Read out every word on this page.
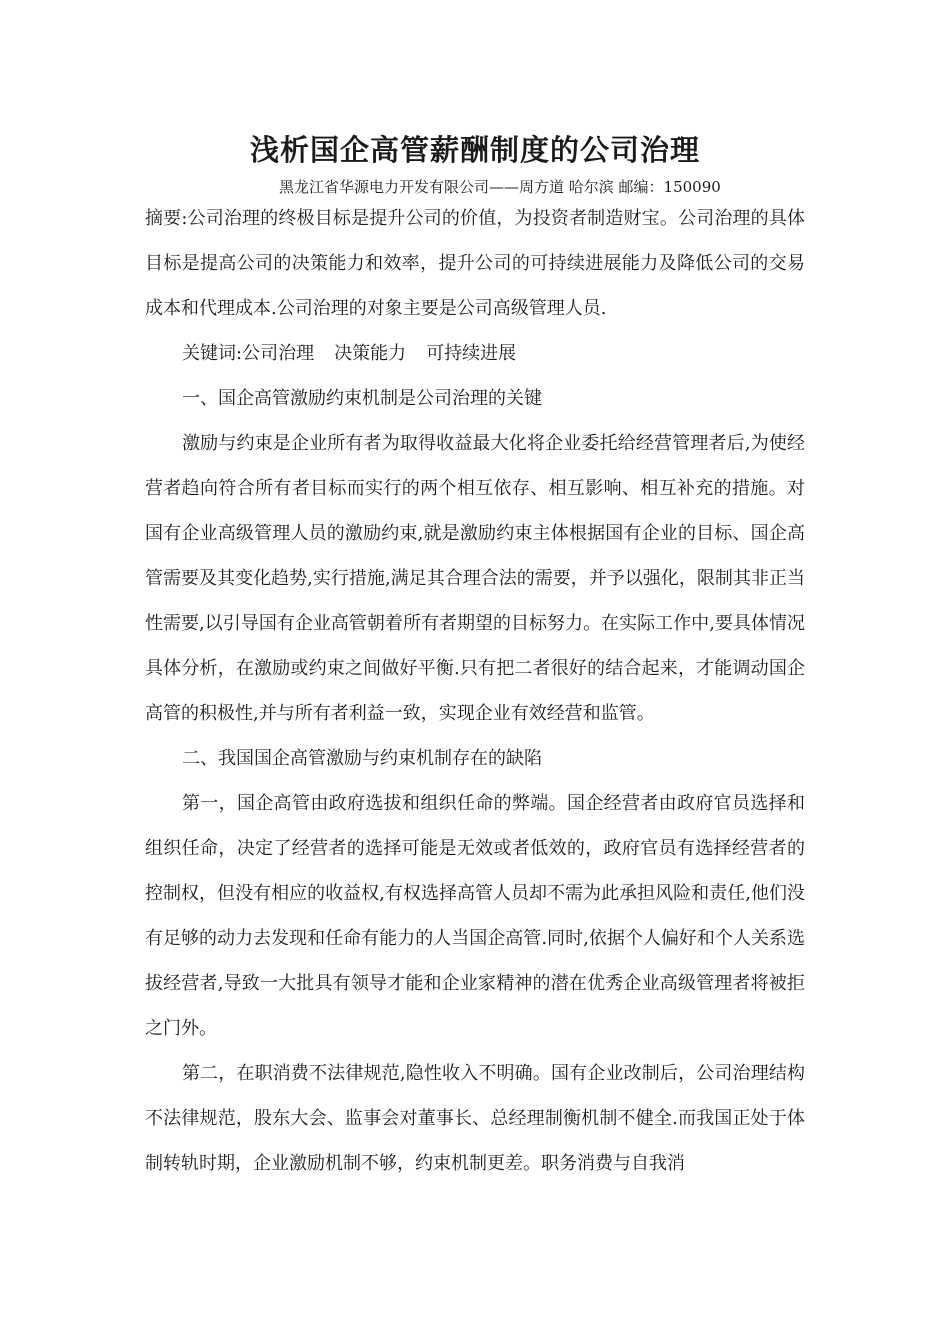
浅析国企高管薪酬制度的公司治理

黑龙江省华源电力开发有限公司——周方道 哈尔滨 邮编：150090

摘要:公司治理的终极目标是提升公司的价值，为投资者制造财宝。公司治理的具体目标是提高公司的决策能力和效率，提升公司的可持续进展能力及降低公司的交易成本和代理成本.公司治理的对象主要是公司高级管理人员.

关键词:公司治理 决策能力 可持续进展

一、国企高管激励约束机制是公司治理的关键

激励与约束是企业所有者为取得收益最大化将企业委托给经营管理者后,为使经营者趋向符合所有者目标而实行的两个相互依存、相互影响、相互补充的措施。对国有企业高级管理人员的激励约束,就是激励约束主体根据国有企业的目标、国企高管需要及其变化趋势,实行措施,满足其合理合法的需要，并予以强化，限制其非正当性需要,以引导国有企业高管朝着所有者期望的目标努力。在实际工作中,要具体情况具体分析，在激励或约束之间做好平衡.只有把二者很好的结合起来，才能调动国企高管的积极性,并与所有者利益一致，实现企业有效经营和监管。

二、我国国企高管激励与约束机制存在的缺陷

第一，国企高管由政府选拔和组织任命的弊端。国企经营者由政府官员选择和组织任命，决定了经营者的选择可能是无效或者低效的，政府官员有选择经营者的控制权，但没有相应的收益权,有权选择高管人员却不需为此承担风险和责任,他们没有足够的动力去发现和任命有能力的人当国企高管.同时,依据个人偏好和个人关系选拔经营者,导致一大批具有领导才能和企业家精神的潜在优秀企业高级管理者将被拒之门外。

第二，在职消费不法律规范,隐性收入不明确。国有企业改制后，公司治理结构不法律规范，股东大会、监事会对董事长、总经理制衡机制不健全.而我国正处于体制转轨时期，企业激励机制不够，约束机制更差。职务消费与自我消
